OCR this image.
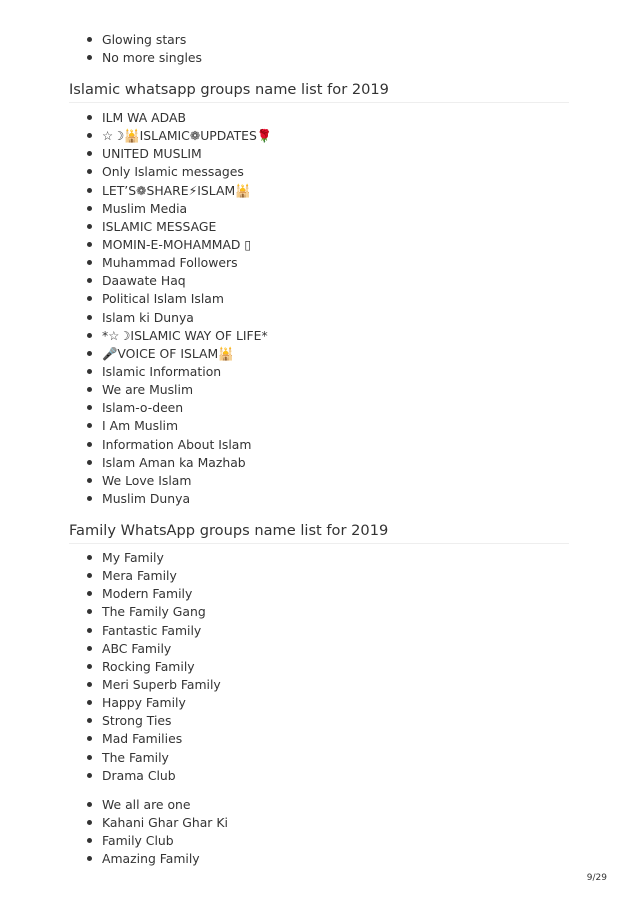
Glowing stars
No more singles
Islamic whatsapp groups name list for 2019
ILM WA ADAB
☆☽🕌ISLAMIC❁UPDATES🌹
UNITED MUSLIM
Only Islamic messages
LET’S❁SHARE⚡ISLAM🕌
Muslim Media
ISLAMIC MESSAGE
MOMIN-E-MOHAMMAD ▯
Muhammad Followers
Daawate Haq
Political Islam Islam
Islam ki Dunya
*☆☽ISLAMIC WAY OF LIFE*
🎤VOICE OF ISLAM🕌
Islamic Information
We are Muslim
Islam-o-deen
I Am Muslim
Information About Islam
Islam Aman ka Mazhab
We Love Islam
Muslim Dunya
Family WhatsApp groups name list for 2019
My Family
Mera Family
Modern Family
The Family Gang
Fantastic Family
ABC Family
Rocking Family
Meri Superb Family
Happy Family
Strong Ties
Mad Families
The Family
Drama Club
We all are one
Kahani Ghar Ghar Ki
Family Club
Amazing Family
9/29
